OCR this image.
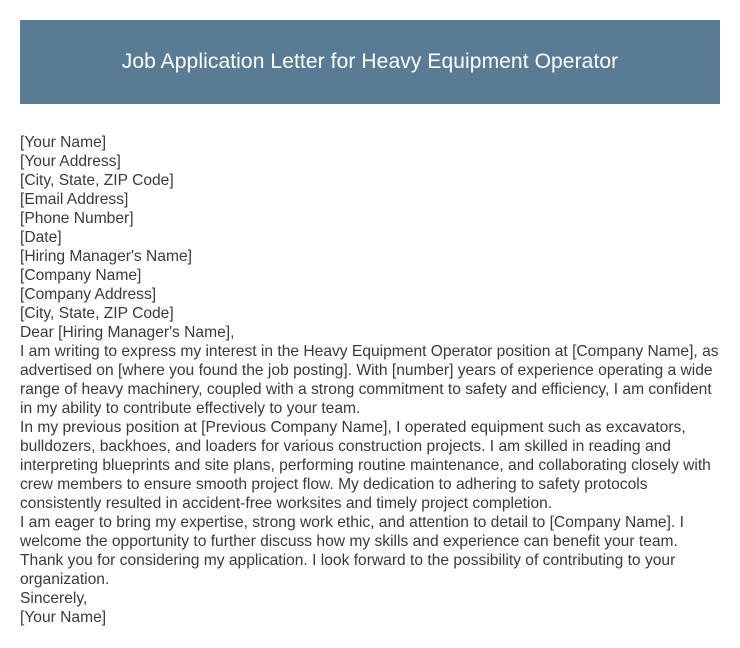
Job Application Letter for Heavy Equipment Operator
[Your Name]
[Your Address]
[City, State, ZIP Code]
[Email Address]
[Phone Number]
[Date]
[Hiring Manager's Name]
[Company Name]
[Company Address]
[City, State, ZIP Code]
Dear [Hiring Manager's Name],
I am writing to express my interest in the Heavy Equipment Operator position at [Company Name], as advertised on [where you found the job posting]. With [number] years of experience operating a wide range of heavy machinery, coupled with a strong commitment to safety and efficiency, I am confident in my ability to contribute effectively to your team.
In my previous position at [Previous Company Name], I operated equipment such as excavators, bulldozers, backhoes, and loaders for various construction projects. I am skilled in reading and interpreting blueprints and site plans, performing routine maintenance, and collaborating closely with crew members to ensure smooth project flow. My dedication to adhering to safety protocols consistently resulted in accident-free worksites and timely project completion.
I am eager to bring my expertise, strong work ethic, and attention to detail to [Company Name]. I welcome the opportunity to further discuss how my skills and experience can benefit your team.
Thank you for considering my application. I look forward to the possibility of contributing to your organization.
Sincerely,
[Your Name]
